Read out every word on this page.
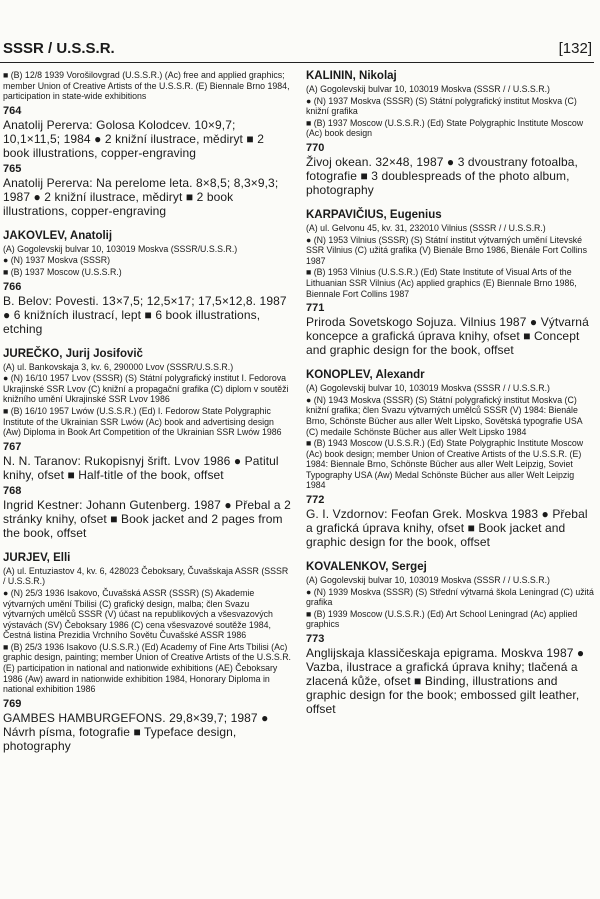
SSSR / U.S.S.R.	[132]
■ (B) 12/8 1939 Vorošilovgrad (U.S.S.R.) (Ac) free and applied graphics; member Union of Creative Artists of the U.S.S.R. (E) Biennale Brno 1984, participation in state-wide exhibitions
764
Anatolij Pererva: Golosa Kolodcev. 10×9,7; 10,1×11,5; 1984 ● 2 knižní ilustrace, mědiryt ■ 2 book illustrations, copper-engraving
765
Anatolij Pererva: Na perelome leta. 8×8,5; 8,3×9,3; 1987 ● 2 knižní ilustrace, mědiryt ■ 2 book illustrations, copper-engraving
JAKOVLEV, Anatolij
(A) Gogolevskij bulvar 10, 103019 Moskva (SSSR/U.S.S.R.)
● (N) 1937 Moskva (SSSR)
■ (B) 1937 Moscow (U.S.S.R.)
766
B. Belov: Povesti. 13×7,5; 12,5×17; 17,5×12,8. 1987 ● 6 knižních ilustrací, lept ■ 6 book illustrations, etching
JUREČKO, Jurij Josifovič
(A) ul. Bankovskaja 3, kv. 6, 290000 Lvov (SSSR/U.S.S.R.)
● (N) 16/10 1957 Lvov (SSSR) (S) Státní polygrafický institut I. Fedorova Ukrajinské SSR Lvov (C) knižní a propagační grafika (C) diplom v soutěži knižního umění Ukrajinské SSR Lvov 1986
■ (B) 16/10 1957 Lwów (U.S.S.R.) (Ed) I. Fedorow State Polygraphic Institute of the Ukrainian SSR Lwów (Ac) book and advertising design (Aw) Diploma in Book Art Competition of the Ukrainian SSR Lwów 1986
767
N. N. Taranov: Rukopisnyj šrift. Lvov 1986 ● Patitul knihy, ofset ■ Half-title of the book, offset
768
Ingrid Kestner: Johann Gutenberg. 1987 ● Přebal a 2 stránky knihy, ofset ■ Book jacket and 2 pages from the book, offset
JURJEV, Elli
(A) ul. Entuziastov 4, kv. 6, 428023 Čeboksary, Čuvašskaja ASSR (SSSR / U.S.S.R.)
● (N) 25/3 1936 Isakovo, Čuvašská ASSR (SSSR) (S) Akademie výtvarných umění Tbilisi (C) grafický design, malba; člen Svazu výtvarných umělců SSSR (V) účast na republikových a všesvazových výstavách (SV) Čeboksary 1986 (C) cena všesvazové soutěže 1984, Čestná listina Prezidia Vrchního Sovětu Čuvašské ASSR 1986
■ (B) 25/3 1936 Isakovo (U.S.S.R.) (Ed) Academy of Fine Arts Tbilisi (Ac) graphic design, painting; member Union of Creative Artists of the U.S.S.R. (E) participation in national and nationwide exhibitions (AE) Čeboksary 1986 (Aw) award in nationwide exhibition 1984, Honorary Diploma in national exhibition 1986
769
GAMBES HAMBURGEFONS. 29,8×39,7; 1987 ● Návrh písma, fotografie ■ Typeface design, photography
KALININ, Nikolaj
(A) Gogolevskij bulvar 10, 103019 Moskva (SSSR / / U.S.S.R.)
● (N) 1937 Moskva (SSSR) (S) Státní polygrafický institut Moskva (C) knižní grafika
■ (B) 1937 Moscow (U.S.S.R.) (Ed) State Polygraphic Institute Moscow (Ac) book design
770
Živoj okean. 32×48, 1987 ● 3 dvoustrany fotoalba, fotografie ■ 3 doublespreads of the photo album, photography
KARPAVIČIUS, Eugenius
(A) ul. Gelvonu 45, kv. 31, 232010 Vilnius (SSSR / / U.S.S.R.)
● (N) 1953 Vilnius (SSSR) (S) Státní institut výtvarných umění Litevské SSR Vilnius (C) užitá grafika (V) Bienále Brno 1986, Bienále Fort Collins 1987
■ (B) 1953 Vilnius (U.S.S.R.) (Ed) State Institute of Visual Arts of the Lithuanian SSR Vilnius (Ac) applied graphics (E) Biennale Brno 1986, Biennale Fort Collins 1987
771
Priroda Sovetskogo Sojuza. Vilnius 1987 ● Výtvarná koncepce a grafická úprava knihy, ofset ■ Concept and graphic design for the book, offset
KONOPLEV, Alexandr
(A) Gogolevskij bulvar 10, 103019 Moskva (SSSR / / U.S.S.R.)
● (N) 1943 Moskva (SSSR) (S) Státní polygrafický institut Moskva (C) knižní grafika; člen Svazu výtvarných umělců SSSR (V) 1984: Bienále Brno, Schönste Bücher aus aller Welt Lipsko, Sovětská typografie USA (C) medaile Schönste Bücher aus aller Welt Lipsko 1984
■ (B) 1943 Moscow (U.S.S.R.) (Ed) State Polygraphic Institute Moscow (Ac) book design; member Union of Creative Artists of the U.S.S.R. (E) 1984: Biennale Brno, Schönste Bücher aus aller Welt Leipzig, Soviet Typography USA (Aw) Medal Schönste Bücher aus aller Welt Leipzig 1984
772
G. I. Vzdornov: Feofan Grek. Moskva 1983 ● Přebal a grafická úprava knihy, ofset ■ Book jacket and graphic design for the book, offset
KOVALENKOV, Sergej
(A) Gogolevskij bulvar 10, 103019 Moskva (SSSR / / U.S.S.R.)
● (N) 1939 Moskva (SSSR) (S) Střední výtvarná škola Leningrad (C) užitá grafika
■ (B) 1939 Moscow (U.S.S.R.) (Ed) Art School Leningrad (Ac) applied graphics
773
Anglijskaja klassičeskaja epigrama. Moskva 1987 ● Vazba, ilustrace a grafická úprava knihy; tlačená a zlacená kůže, ofset ■ Binding, illustrations and graphic design for the book; embossed gilt leather, offset
